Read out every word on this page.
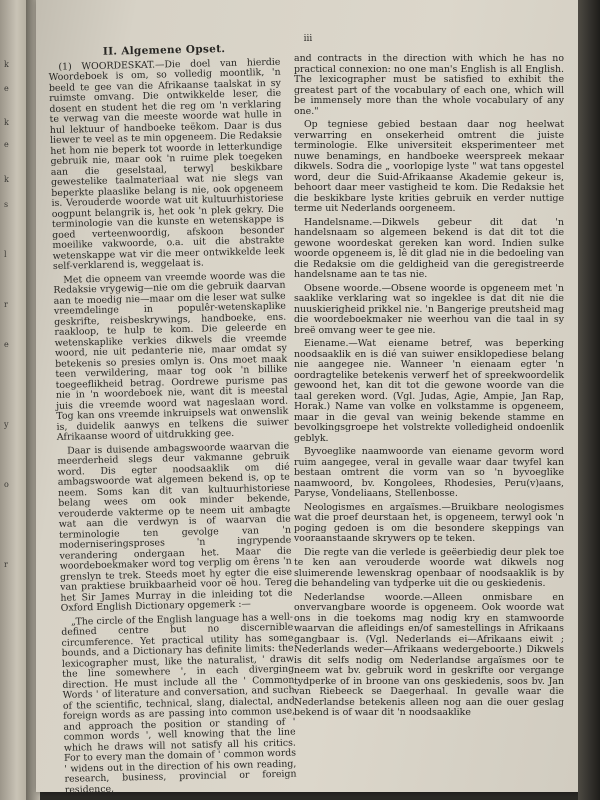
k
e
k
e
k
s
l
r
e
y
o
r
iii
II. Algemene Opset.

(1) WOORDESKAT.—Die doel van hierdie Woordeboek is om, so volledig moontlik, 'n beeld te gee van die Afrikaanse taalskat in sy ruimste omvang. Die ontwikkelde leser, die dosent en student het die reg om 'n verklaring te verwag van die meeste woorde wat hulle in hul lektuur of handboeke teëkom. Daar is dus liewer te veel as te min opgeneem. Die Redaksie het hom nie beperk tot woorde in letterkundige gebruik nie, maar ook 'n ruime plek toegeken aan die geselstaal, terwyl beskikbare gewestelike taalmateriaal wat nie slegs van beperkte plaaslike belang is nie, ook opgeneem is. Verouderde woorde wat uit kultuurhistoriese oogpunt belangrik is, het ook 'n plek gekry. Die terminologie van die kunste en wetenskappe is goed verteenwoordig, afskoon besonder moeilike vakwoorde, o.a. uit die abstrakte wetenskappe wat vir die meer ontwikkelde leek self-verklarend is, weggelaat is.

Met die opneem van vreemde woorde was die Redaksie vrygewig—nie om die gebruik daarvan aan te moedig nie—maar om die leser wat sulke vreemdelinge in populêr-wetenskaplike geskrifte, reisbeskrywings, handboeke, ens. raakloop, te hulp te kom. Die geleerde en wetenskaplike verkies dikwels die vreemde woord, nie uit pedanterie nie, maar omdat sy betekenis so presies omlyn is. Ons moet maak teen verwildering, maar tog ook 'n billike toegeeflikheid betrag. Oordrewe purisme pas nie in 'n woordeboek nie, want dit is meestal juis die vreemde woord wat nageslaan word. Tog kan ons vreemde inkruipsels wat onwenslik is, duidelik aanwys en telkens die suiwer Afrikaanse woord of uitdrukking gee.

Daar is duisende ambagswoorde waarvan die meerderheid slegs deur vakmanne gebruik word. Dis egter noodsaaklik om dié ambagswoorde wat algemeen bekend is, op te neem. Soms kan dit van kultuurhistoriese belang wees om ook minder bekende, verouderde vakterme op te neem uit ambagte wat aan die verdwyn is of waarvan die terminologie ten gevolge van 'n moderniseringsproses 'n ingrypende verandering ondergaan het. Maar die woordeboekmaker word tog verplig om êrens 'n grenslyn te trek. Steeds moet hy egter die eise van praktiese bruikbaarheid voor oë hou. Tereg het Sir James Murray in die inleiding tot die Oxford English Dictionary opgemerk :—

„The circle of the English language has a well-defined centre but no discernible circumference. Yet practical utility has some bounds, and a Dictionary has definite limits: the lexicographer must, like the naturalist, ' draw the line somewhere ', in each diverging direction. He must include all the ' Common Words ' of literature and conversation, and such of the scientific, technical, slang, dialectal, and foreign words as are passing into common use, and approach the position or standing of ' common words ', well knowing that the line which he draws will not satisfy all his critics. For to every man the domain of ' common words ' widens out in the direction of his own reading, research, business, provincial or foreign residence,

and contracts in the direction with which he has no practical connexion: no one man's English is all English. The lexicographer must be satisfied to exhibit the greatest part of the vocabulary of each one, which will be immensely more than the whole vocabulary of any one."

Op tegniese gebied bestaan daar nog heelwat verwarring en onsekerheid omtrent die juiste terminologie. Elke universiteit eksperimenteer met nuwe benamings, en handboeke weerspreek mekaar dikwels. Sodra die „ voorlopige lyste " wat tans opgestel word, deur die Suid-Afrikaanse Akademie gekeur is, behoort daar meer vastigheid te kom. Die Redaksie het die beskikbare lyste krities gebruik en verder nuttige terme uit Nederlands oorgeneem.

Handelsname.—Dikwels gebeur dit dat 'n handelsnaam so algemeen bekend is dat dit tot die gewone woordeskat gereken kan word. Indien sulke woorde opgeneem is, lê dit glad nie in die bedoeling van die Redaksie om die geldigheid van die geregistreerde handelsname aan te tas nie.

Obsene woorde.—Obsene woorde is opgeneem met 'n saaklike verklaring wat so ingeklee is dat dit nie die nuuskierigheid prikkel nie. 'n Bangerige preutsheid mag die woordeboekmaker nie weerhou van die taal in sy breë omvang weer te gee nie.

Eiename.—Wat eiename betref, was beperking noodsaaklik en is dié van suiwer ensiklopediese belang nie aangegee nie. Wanneer 'n eienaam egter 'n oordragtelike betekenis verwerf het of spreekwoordelik gewoond het, kan dit tot die gewone woorde van die taal gereken word. (Vgl. Judas, Agie, Ampie, Jan Rap, Horak.) Name van volke en volkstamme is opgeneem, maar in die geval van weinig bekende stamme en bevolkingsgroepe het volstrekte volledigheid ondoenlik geblyk.

Byvoeglike naamwoorde van eiename gevorm word ruim aangegee, veral in gevalle waar daar twyfel kan bestaan omtrent die vorm van so 'n byvoeglike naamwoord, bv. Kongolees, Rhodesies, Peru(v)aans, Paryse, Vondeliaans, Stellenbosse.

Neologismes en argaïsmes.—Bruikbare neologismes wat die proef deurstaan het, is opgeneem, terwyl ook 'n poging gedoen is om die besondere skeppings van vooraanstaande skrywers op te teken.

Die regte van die verlede is geëerbiedig deur plek toe te ken aan verouderde woorde wat dikwels nog sluimerende lewenskrag openbaar of noodsaaklik is by die behandeling van tydperke uit die ou geskiedenis.

Nederlandse woorde.—Alleen onmisbare en onvervangbare woorde is opgeneem. Ook woorde wat ons in die toekoms mag nodig kry en stamwoorde waarvan die afleidings en/of samestellings in Afrikaans gangbaar is. (Vgl. Nederlands ei—Afrikaans eiwit ; Nederlands weder—Afrikaans wedergeboorte.) Dikwels is dit selfs nodig om Nederlandse argaïsmes oor te neem wat bv. gebruik word in geskrifte oor vergange tydperke of in broone van ons geskiedenis, soos bv. Jan van Riebeeck se Daegerhaal. In gevalle waar die Nederlandse betekenis alleen nog aan die ouer geslag bekend is of waar dit 'n noodsaaklike
